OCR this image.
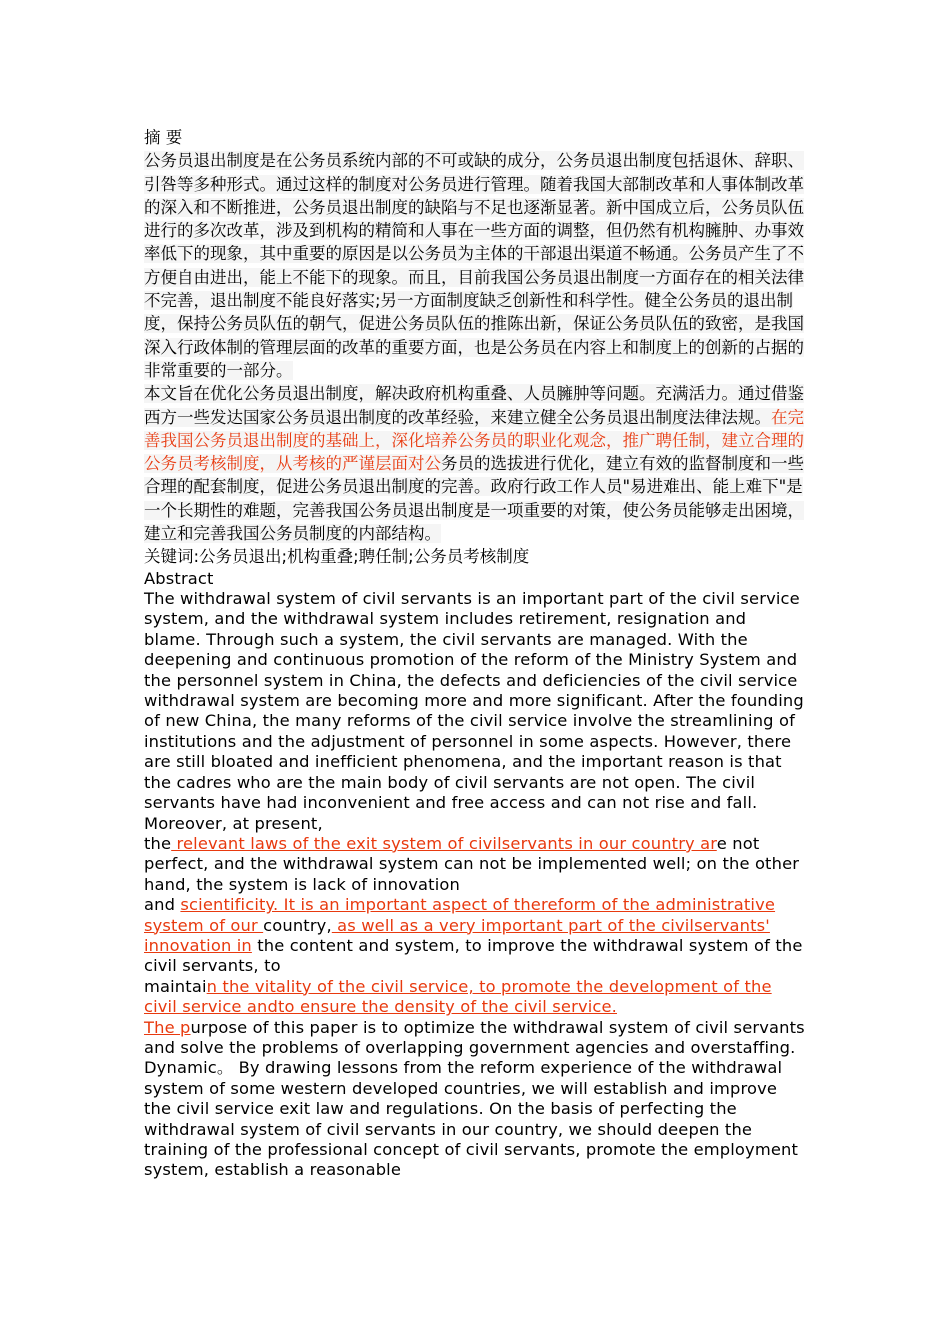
摘 要

公务员退出制度是在公务员系统内部的不可或缺的成分，公务员退出制度包括退休、辞职、引咎等多种形式。通过这样的制度对公务员进行管理。随着我国大部制改革和人事体制改革的深入和不断推进，公务员退出制度的缺陷与不足也逐渐显著。新中国成立后，公务员队伍进行的多次改革，涉及到机构的精简和人事在一些方面的调整，但仍然有机构臃肿、办事效率低下的现象，其中重要的原因是以公务员为主体的干部退出渠道不畅通。公务员产生了不方便自由进出，能上不能下的现象。而且，目前我国公务员退出制度一方面存在的相关法律不完善，退出制度不能良好落实;另一方面制度缺乏创新性和科学性。健全公务员的退出制度，保持公务员队伍的朝气，促进公务员队伍的推陈出新，保证公务员队伍的致密，是我国深入行政体制的管理层面的改革的重要方面，也是公务员在内容上和制度上的创新的占据的非常重要的一部分。

本文旨在优化公务员退出制度，解决政府机构重叠、人员臃肿等问题。充满活力。通过借鉴西方一些发达国家公务员退出制度的改革经验，来建立健全公务员退出制度法律法规。在完善我国公务员退出制度的基础上，深化培养公务员的职业化观念，推广聘任制，建立合理的公务员考核制度，从考核的严谨层面对公务员的选拔进行优化，建立有效的监督制度和一些合理的配套制度，促进公务员退出制度的完善。政府行政工作人员"易进难出、能上难下"是一个长期性的难题，完善我国公务员退出制度是一项重要的对策，使公务员能够走出困境，建立和完善我国公务员制度的内部结构。

关键词:公务员退出;机构重叠;聘任制;公务员考核制度

Abstract

The withdrawal system of civil servants is an important part of the civil service system, and the withdrawal system includes retirement, resignation and blame. Through such a system, the civil servants are managed. With the deepening and continuous promotion of the reform of the Ministry System and the personnel system in China, the defects and deficiencies of the civil service withdrawal system are becoming more and more significant. After the founding of new China, the many reforms of the civil service involve the streamlining of institutions and the adjustment of personnel in some aspects. However, there are still bloated and inefficient phenomena, and the important reason is that the cadres who are the main body of civil servants are not open. The civil servants have had inconvenient and free access and can not rise and fall. Moreover, at present,

the relevant laws of the exit system of civilservants in our country are not perfect, and the withdrawal system can not be implemented well; on the other hand, the system is lack of innovation

and scientificity. It is an important aspect of thereform of the administrative system of our country, as well as a very important part of the civilservants' innovation in the content and system, to improve the withdrawal system of the civil servants, to

maintain the vitality of the civil service, to promote the development of the civil service andto ensure the density of the civil service.

The purpose of this paper is to optimize the withdrawal system of civil servants and solve the problems of overlapping government agencies and overstaffing. Dynamic。 By drawing lessons from the reform experience of the withdrawal system of some western developed countries, we will establish and improve the civil service exit law and regulations. On the basis of perfecting the withdrawal system of civil servants in our country, we should deepen the training of the professional concept of civil servants, promote the employment system, establish a reasonable
